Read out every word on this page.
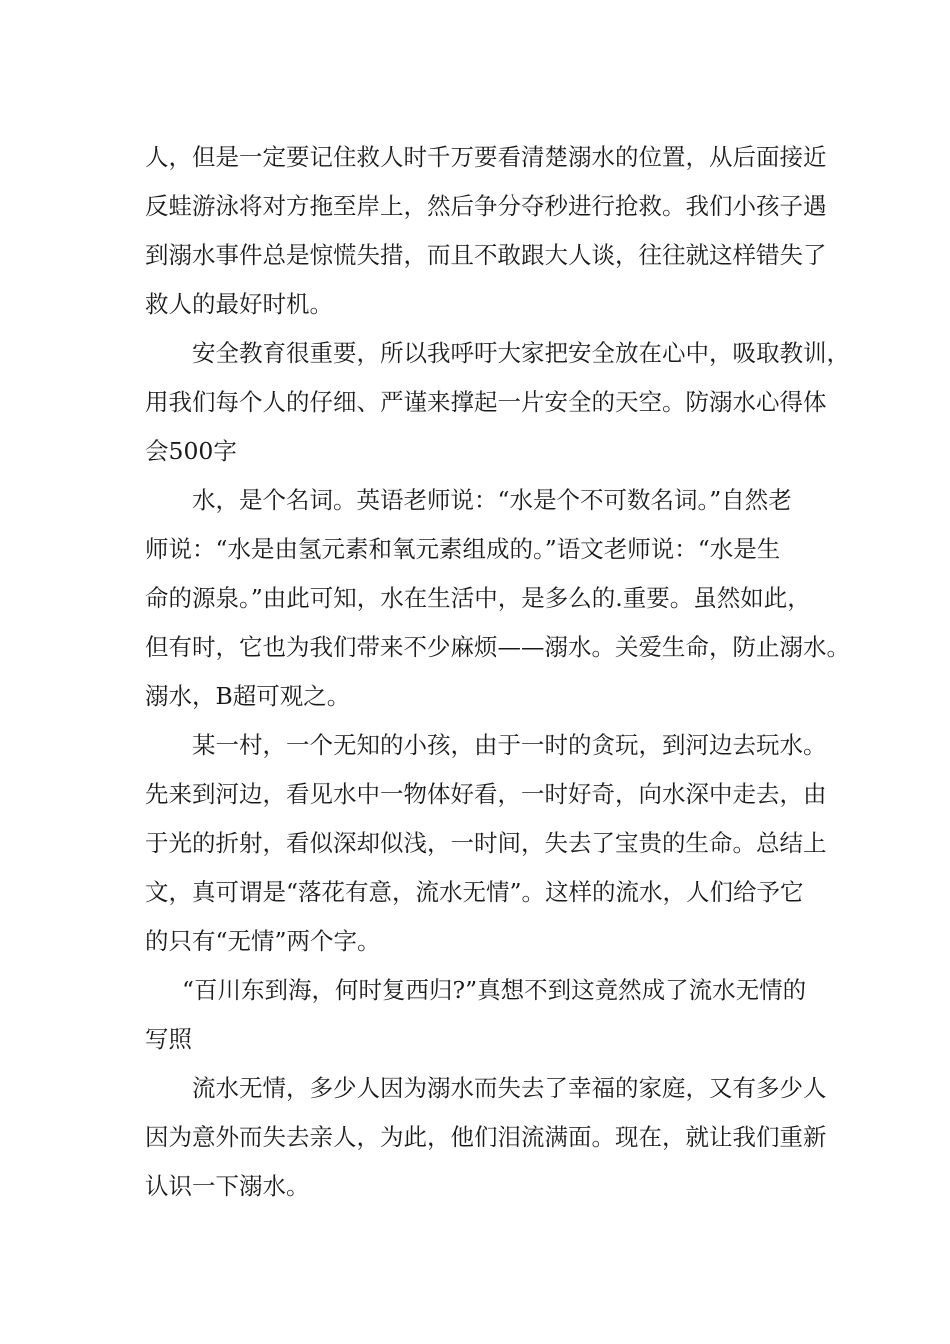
人，但是一定要记住救人时千万要看清楚溺水的位置，从后面接近
反蛙游泳将对方拖至岸上，然后争分夺秒进行抢救。我们小孩子遇
到溺水事件总是惊慌失措，而且不敢跟大人谈，往往就这样错失了
救人的最好时机。
安全教育很重要，所以我呼吁大家把安全放在心中，吸取教训，
用我们每个人的仔细、严谨来撑起一片安全的天空。防溺水心得体
会500字
水，是个名词。英语老师说：“水是个不可数名词。”自然老
师说：“水是由氢元素和氧元素组成的。”语文老师说：“水是生
命的源泉。”由此可知，水在生活中，是多么的.重要。虽然如此，
但有时，它也为我们带来不少麻烦——溺水。关爱生命，防止溺水。
溺水，B超可观之。
某一村，一个无知的小孩，由于一时的贪玩，到河边去玩水。
先来到河边，看见水中一物体好看，一时好奇，向水深中走去，由
于光的折射，看似深却似浅，一时间，失去了宝贵的生命。总结上
文，真可谓是“落花有意，流水无情”。这样的流水，人们给予它
的只有“无情”两个字。
“百川东到海，何时复西归?”真想不到这竟然成了流水无情的
写照
流水无情，多少人因为溺水而失去了幸福的家庭，又有多少人
因为意外而失去亲人，为此，他们泪流满面。现在，就让我们重新
认识一下溺水。
